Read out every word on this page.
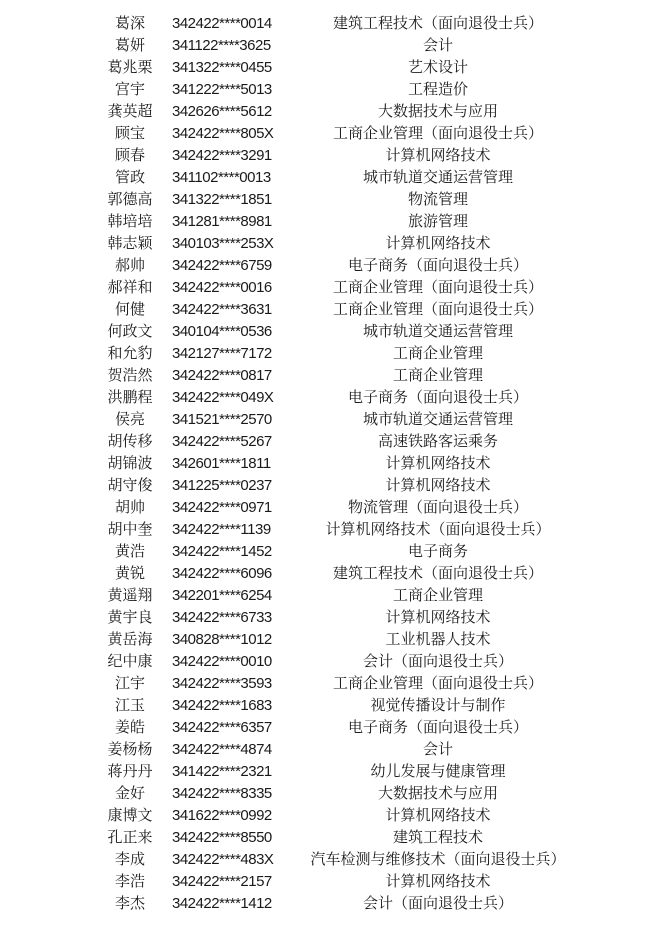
葛深	342422****0014	建筑工程技术（面向退役士兵）
葛妍	341122****3625	会计
葛兆栗	341322****0455	艺术设计
宫宇	341222****5013	工程造价
龚英超	342626****5612	大数据技术与应用
顾宝	342422****805X	工商企业管理（面向退役士兵）
顾春	342422****3291	计算机网络技术
管政	341102****0013	城市轨道交通运营管理
郭德高	341322****1851	物流管理
韩培培	341281****8981	旅游管理
韩志颖	340103****253X	计算机网络技术
郝帅	342422****6759	电子商务（面向退役士兵）
郝祥和	342422****0016	工商企业管理（面向退役士兵）
何健	342422****3631	工商企业管理（面向退役士兵）
何政文	340104****0536	城市轨道交通运营管理
和允豹	342127****7172	工商企业管理
贺浩然	342422****0817	工商企业管理
洪鹏程	342422****049X	电子商务（面向退役士兵）
侯亮	341521****2570	城市轨道交通运营管理
胡传移	342422****5267	高速铁路客运乘务
胡锦波	342601****1811	计算机网络技术
胡守俊	341225****0237	计算机网络技术
胡帅	342422****0971	物流管理（面向退役士兵）
胡中奎	342422****1139	计算机网络技术（面向退役士兵）
黄浩	342422****1452	电子商务
黄锐	342422****6096	建筑工程技术（面向退役士兵）
黄遥翔	342201****6254	工商企业管理
黄宇良	342422****6733	计算机网络技术
黄岳海	340828****1012	工业机器人技术
纪中康	342422****0010	会计（面向退役士兵）
江宇	342422****3593	工商企业管理（面向退役士兵）
江玉	342422****1683	视觉传播设计与制作
姜皓	342422****6357	电子商务（面向退役士兵）
姜杨杨	342422****4874	会计
蒋丹丹	341422****2321	幼儿发展与健康管理
金好	342422****8335	大数据技术与应用
康博文	341622****0992	计算机网络技术
孔正来	342422****8550	建筑工程技术
李成	342422****483X	汽车检测与维修技术（面向退役士兵）
李浩	342422****2157	计算机网络技术
李杰	342422****1412	会计（面向退役士兵）
